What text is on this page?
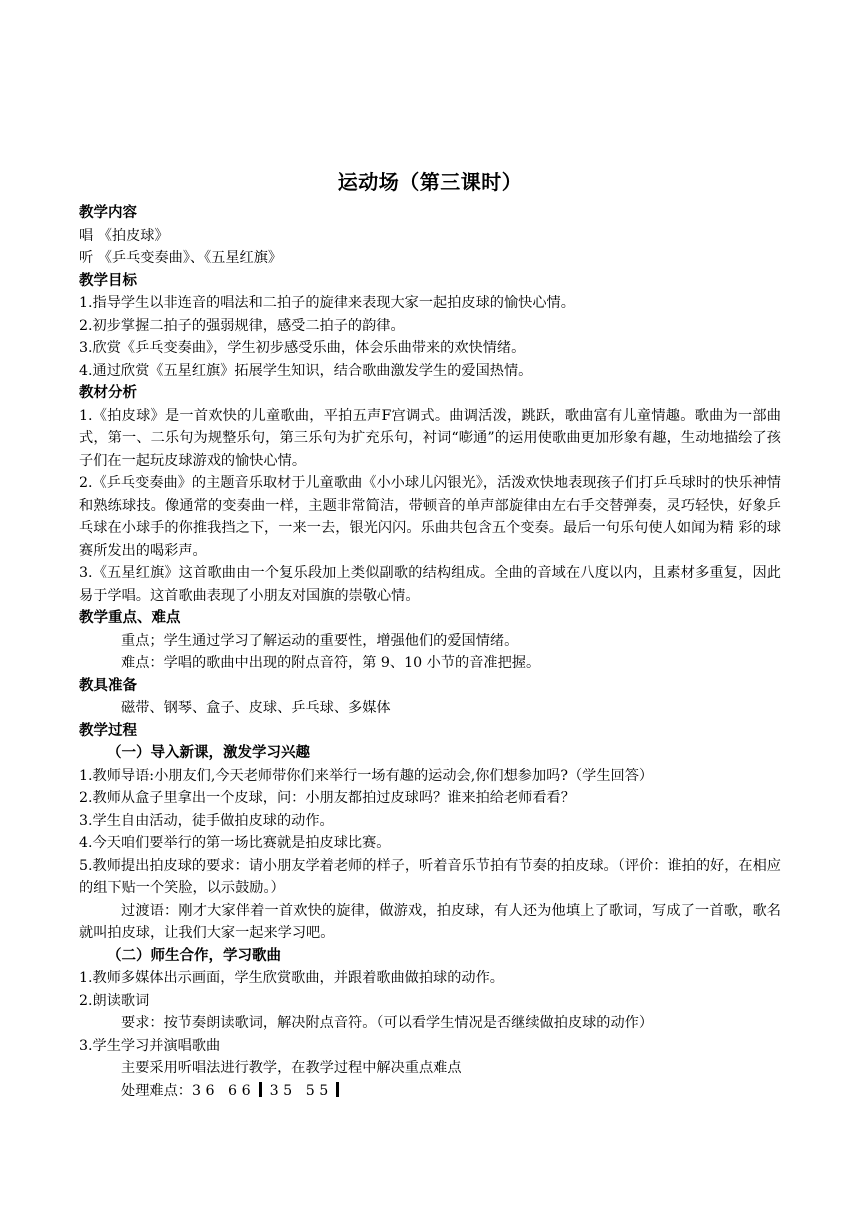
运动场（第三课时）
教学内容
唱 《拍皮球》
听 《乒乓变奏曲》、《五星红旗》
教学目标
1.指导学生以非连音的唱法和二拍子的旋律来表现大家一起拍皮球的愉快心情。
2.初步掌握二拍子的强弱规律，感受二拍子的韵律。
3.欣赏《乒乓变奏曲》，学生初步感受乐曲，体会乐曲带来的欢快情绪。
4.通过欣赏《五星红旗》拓展学生知识，结合歌曲激发学生的爱国热情。
教材分析
1.《拍皮球》是一首欢快的儿童歌曲，平拍五声F宫调式。曲调活泼，跳跃，歌曲富有儿童情趣。歌曲为一部曲式，第一、二乐句为规整乐句，第三乐句为扩充乐句，衬词“嘭通”的运用使歌曲更加形象有趣，生动地描绘了孩子们在一起玩皮球游戏的愉快心情。
2.《乒乓变奏曲》的主题音乐取材于儿童歌曲《小小球儿闪银光》，活泼欢快地表现孩子们打乒乓球时的快乐神情和熟练球技。像通常的变奏曲一样，主题非常简洁，带顿音的单声部旋律由左右手交替弹奏，灵巧轻快，好象乒乓球在小球手的你推我挡之下，一来一去，银光闪闪。乐曲共包含五个变奏。最后一句乐句使人如闻为精 彩的球赛所发出的喝彩声。
3.《五星红旗》这首歌曲由一个复乐段加上类似副歌的结构组成。全曲的音域在八度以内，且素材多重复，因此易于学唱。这首歌曲表现了小朋友对国旗的崇敬心情。
教学重点、难点
重点；学生通过学习了解运动的重要性，增强他们的爱国情绪。
难点：学唱的歌曲中出现的附点音符，第 9、10 小节的音准把握。
教具准备
磁带、钢琴、盒子、皮球、乒乓球、多媒体
教学过程
（一）导入新课，激发学习兴趣
1.教师导语:小朋友们,今天老师带你们来举行一场有趣的运动会,你们想参加吗?（学生回答）
2.教师从盒子里拿出一个皮球，问：小朋友都拍过皮球吗？谁来拍给老师看看？
3.学生自由活动，徒手做拍皮球的动作。
4.今天咱们要举行的第一场比赛就是拍皮球比赛。
5.教师提出拍皮球的要求：请小朋友学着老师的样子，听着音乐节拍有节奏的拍皮球。（评价：谁拍的好，在相应的组下贴一个笑脸，以示鼓励。）
过渡语：刚才大家伴着一首欢快的旋律，做游戏，拍皮球，有人还为他填上了歌词，写成了一首歌，歌名就叫拍皮球，让我们大家一起来学习吧。
（二）师生合作，学习歌曲
1.教师多媒体出示画面，学生欣赏歌曲，并跟着歌曲做拍球的动作。
2.朗读歌词
要求：按节奏朗读歌词，解决附点音符。（可以看学生情况是否继续做拍皮球的动作）
3.学生学习并演唱歌曲
主要采用听唱法进行教学，在教学过程中解决重点难点
处理难点：3 6   6 6 3 5   5 5
